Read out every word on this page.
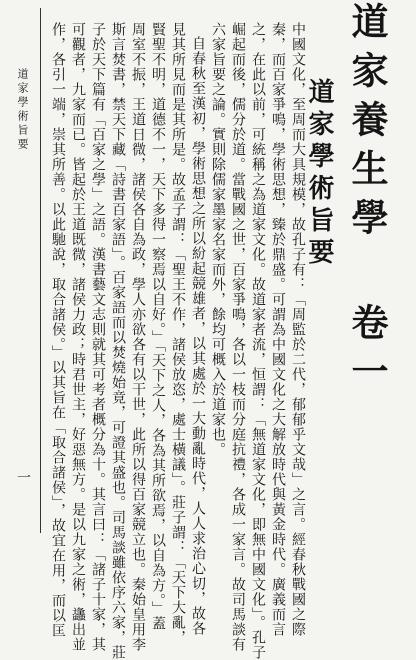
道家養生學 卷一
道家學術旨要
中國文化，至周而大具規模，故孔子有：「周監於二代，郁郁乎文哉」之言。經春秋戰國之際
秦，而百家爭鳴，學術思想，臻於鼎盛。可謂為中國文化之大解放時代與黃金時代。廣義而言
之，在此以前，可統稱之為道家文化。故道家者流，恒謂：「無道家文化，即無中國文化」。孔子
崛起而後，儒分於道。當戰國之世，百家爭鳴，各以一枝而分庭抗禮，各成一家言。故司馬談有
六家旨要之論。實則除儒家墨家名家而外，餘均可概入於道家也。
自春秋至漢初，學術思想之所以紛起競雄者，以其處於一大動亂時代，人人求治心切，故各
見其所見而是其所是。故孟子謂：「聖王不作，諸侯放恣，處士橫議」。莊子謂：「天下大亂，
賢聖不明，道德不一，天下多得一察焉以自好。」「天下之人，各為其所欲焉，以自為方。」蓋
周室不振，王道日微，諸侯各自為政，學人亦欲各有以干世，此所以得百家競立也。秦始皇用李
斯言焚書，禁天下藏「詩書百家語」。百家語而以焚燒始竟，可證其盛也。司馬談雖依序六家，莊
子於天下篇有「百家之學」之語。漢書藝文志則就其可考者概分為十。其言曰：「諸子十家，其
可觀者，九家而已。皆起於王道既微，諸侯力政；時君世主，好惡無方。是以九家之術，蠭出並
作，各引一端，崇其所善。以此馳說，取合諸侯。」以其旨在「取合諸侯」，故宜在用，而以匡
道家學術旨要
一
